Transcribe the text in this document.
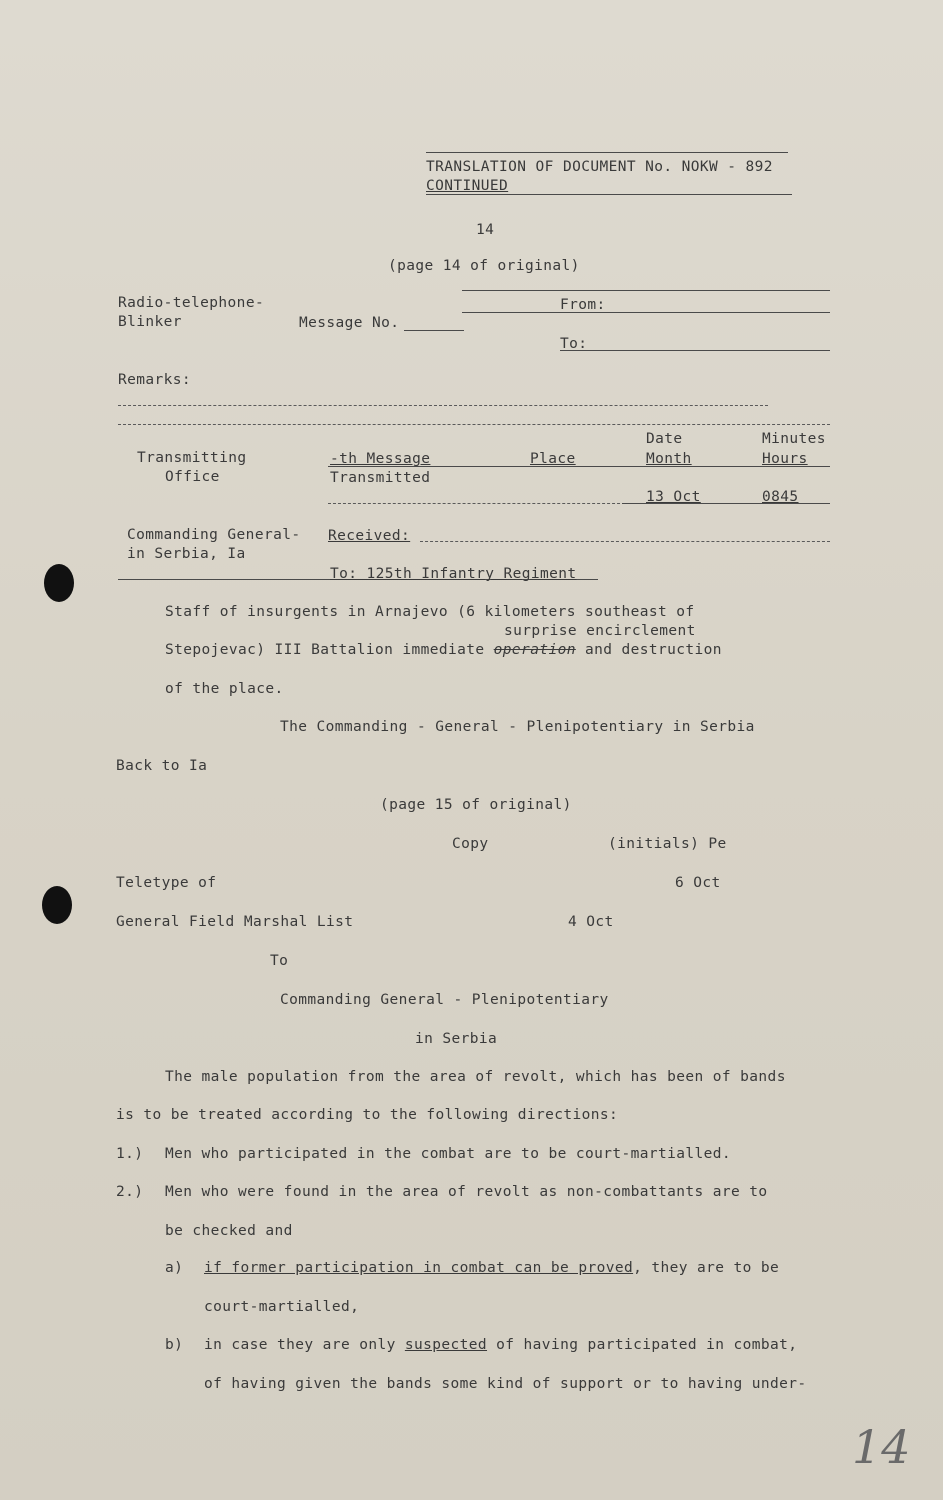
TRANSLATION OF DOCUMENT No. NOKW - 892
CONTINUED
14
(page 14 of original)
Radio-telephone-
Blinker	Message No.
From:
To:
Remarks:
Date	Minutes
Transmitting
Office
-th Message	Place	Month	Hours
Transmitted
13 Oct	0845
Commanding General-
in Serbia, Ia
Received:
To: 125th Infantry Regiment
Staff of insurgents in Arnajevo (6 kilometers southeast of
surprise encirclement
Stepojevac) III Battalion immediate operation and destruction
of the place.
The Commanding - General - Plenipotentiary in Serbia
Back to Ia
(page 15 of original)
Copy	(initials) Pe
Teletype of	6 Oct
General Field Marshal List	4 Oct
To
Commanding General - Plenipotentiary
in Serbia
The male population from the area of revolt, which has been of bands
is to be treated according to the following directions:
1.) Men who participated in the combat are to be court-martialled.
2.) Men who were found in the area of revolt as non-combattants are to
be checked and
a) if former participation in combat can be proved, they are to be
court-martialled,
b) in case they are only suspected of having participated in combat,
of having given the bands some kind of support or to having under-
14
